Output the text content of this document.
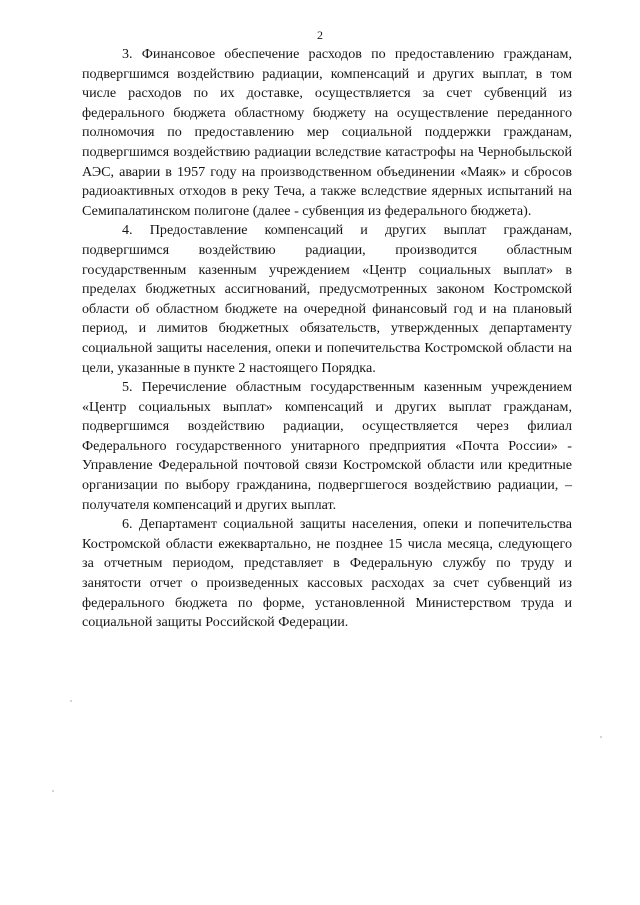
2

3. Финансовое обеспечение расходов по предоставлению гражданам, подвергшимся воздействию радиации, компенсаций и других выплат, в том числе расходов по их доставке, осуществляется за счет субвенций из федерального бюджета областному бюджету на осуществление переданного полномочия по предоставлению мер социальной поддержки гражданам, подвергшимся воздействию радиации вследствие катастрофы на Чернобыльской АЭС, аварии в 1957 году на производственном объединении «Маяк» и сбросов радиоактивных отходов в реку Теча, а также вследствие ядерных испытаний на Семипалатинском полигоне (далее - субвенция из федерального бюджета).

4. Предоставление компенсаций и других выплат гражданам, подвергшимся воздействию радиации, производится областным государственным казенным учреждением «Центр социальных выплат» в пределах бюджетных ассигнований, предусмотренных законом Костромской области об областном бюджете на очередной финансовый год и на плановый период, и лимитов бюджетных обязательств, утвержденных департаменту социальной защиты населения, опеки и попечительства Костромской области на цели, указанные в пункте 2 настоящего Порядка.

5. Перечисление областным государственным казенным учреждением «Центр социальных выплат» компенсаций и других выплат гражданам, подвергшимся воздействию радиации, осуществляется через филиал Федерального государственного унитарного предприятия «Почта России» - Управление Федеральной почтовой связи Костромской области или кредитные организации по выбору гражданина, подвергшегося воздействию радиации, – получателя компенсаций и других выплат.

6. Департамент социальной защиты населения, опеки и попечительства Костромской области ежеквартально, не позднее 15 числа месяца, следующего за отчетным периодом, представляет в Федеральную службу по труду и занятости отчет о произведенных кассовых расходах за счет субвенций из федерального бюджета по форме, установленной Министерством труда и социальной защиты Российской Федерации.
